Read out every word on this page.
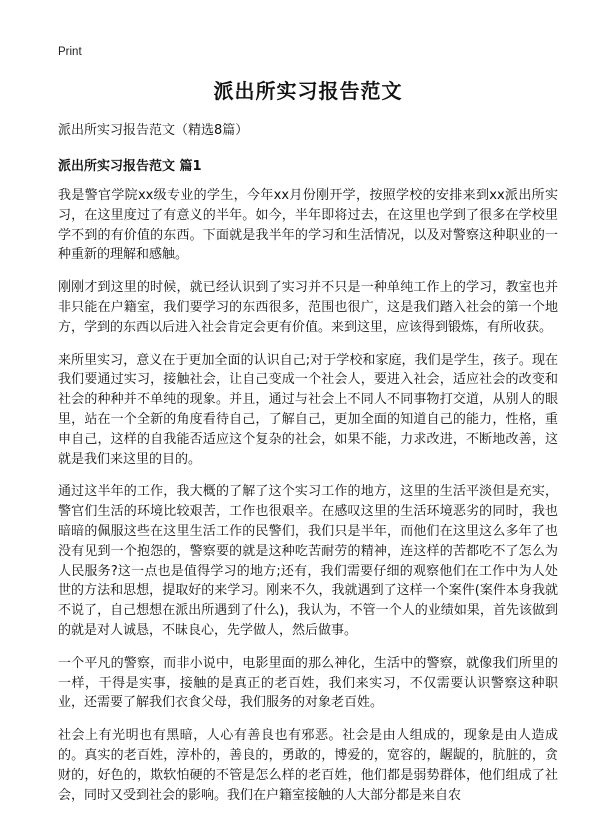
Print
派出所实习报告范文
派出所实习报告范文（精选8篇）
派出所实习报告范文 篇1

我是警官学院xx级专业的学生，今年xx月份刚开学，按照学校的安排来到xx派出所实习，在这里度过了有意义的半年。如今，半年即将过去，在这里也学到了很多在学校里学不到的有价值的东西。下面就是我半年的学习和生活情况，以及对警察这种职业的一种重新的理解和感触。

刚刚才到这里的时候，就已经认识到了实习并不只是一种单纯工作上的学习，教室也并非只能在户籍室，我们要学习的东西很多，范围也很广，这是我们踏入社会的第一个地方，学到的东西以后进入社会肯定会更有价值。来到这里，应该得到锻炼，有所收获。

来所里实习，意义在于更加全面的认识自己;对于学校和家庭，我们是学生，孩子。现在我们要通过实习，接触社会，让自己变成一个社会人，要进入社会，适应社会的改变和社会的种种并不单纯的现象。并且，通过与社会上不同人不同事物打交道，从别人的眼里，站在一个全新的角度看待自己，了解自己，更加全面的知道自己的能力，性格，重申自己，这样的自我能否适应这个复杂的社会，如果不能，力求改进，不断地改善，这就是我们来这里的目的。

通过这半年的工作，我大概的了解了这个实习工作的地方，这里的生活平淡但是充实，警官们生活的环境比较艰苦，工作也很艰辛。在感叹这里的生活环境恶劣的同时，我也暗暗的佩服这些在这里生活工作的民警们，我们只是半年，而他们在这里这么多年了也没有见到一个抱怨的，警察要的就是这种吃苦耐劳的精神，连这样的苦都吃不了怎么为人民服务?这一点也是值得学习的地方;还有，我们需要仔细的观察他们在工作中为人处世的方法和思想，提取好的来学习。刚来不久，我就遇到了这样一个案件(案件本身我就不说了，自己想想在派出所遇到了什么)，我认为，不管一个人的业绩如果，首先该做到的就是对人诚恳，不昧良心，先学做人，然后做事。

一个平凡的警察，而非小说中，电影里面的那么神化，生活中的警察，就像我们所里的一样，干得是实事，接触的是真正的老百姓，我们来实习，不仅需要认识警察这种职业，还需要了解我们衣食父母，我们服务的对象老百姓。

社会上有光明也有黑暗，人心有善良也有邪恶。社会是由人组成的，现象是由人造成的。真实的老百姓，淳朴的，善良的，勇敢的，博爱的，宽容的，龌龊的，肮脏的，贪财的，好色的，欺软怕硬的不管是怎么样的老百姓，他们都是弱势群体，他们组成了社会，同时又受到社会的影响。我们在户籍室接触的人大部分都是来自农
